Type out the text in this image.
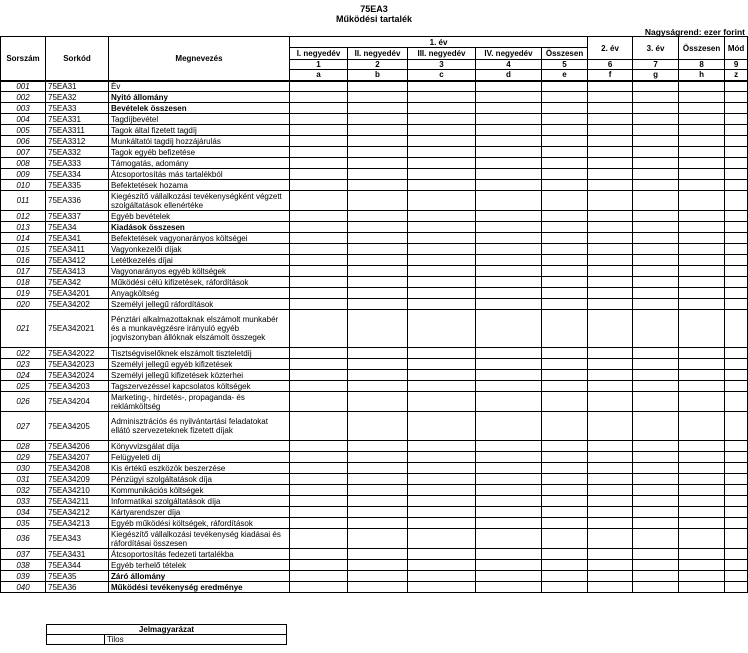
75EA3
Működési tartalék
Nagyságrend: ezer forint
Sorszám	Sorkód	Megnevezés	1. év					2. év	3. év	Összesen	Mód
			I. negyedév	II. negyedév	III. negyedév	IV. negyedév	Összesen				
			1	2	3	4	5	6	7	8	9
			a	b	c	d	e	f	g	h	z
001	75EA31	Év									
002	75EA32	Nyitó állomány									
003	75EA33	Bevételek összesen									
004	75EA331	Tagdíjbevétel									
005	75EA3311	Tagok által fizetett tagdíj									
006	75EA3312	Munkáltatói tagdíj hozzájárulás									
007	75EA332	Tagok egyéb befizetése									
008	75EA333	Támogatás, adomány									
009	75EA334	Átcsoportosítás más tartalékból									
010	75EA335	Befektetések hozama									
011	75EA336	Kiegészítő vállalkozási tevékenységként végzett szolgáltatások ellenértéke									
012	75EA337	Egyéb bevételek									
013	75EA34	Kiadások összesen									
014	75EA341	Befektetések vagyonarányos költségei									
015	75EA3411	Vagyonkezelői díjak									
016	75EA3412	Letétkezelés díjai									
017	75EA3413	Vagyonarányos egyéb költségek									
018	75EA342	Működési célú kifizetések, ráfordítások									
019	75EA34201	Anyagköltség									
020	75EA34202	Személyi jellegű ráfordítások									
021	75EA342021	Pénztári alkalmazottaknak elszámolt munkabér és a munkavégzésre irányuló egyéb jogviszonyban állóknak elszámolt összegek									
022	75EA342022	Tisztségviselőknek elszámolt tiszteletdíj									
023	75EA342023	Személyi jellegű egyéb kifizetések									
024	75EA342024	Személyi jellegű kifizetések közterhei									
025	75EA34203	Tagszervezéssel kapcsolatos költségek									
026	75EA34204	Marketing-, hirdetés-, propaganda- és reklámköltség									
027	75EA34205	Adminisztrációs és nyilvántartási feladatokat ellátó szervezeteknek fizetett díjak									
028	75EA34206	Könyvvizsgálat díja									
029	75EA34207	Felügyeleti díj									
030	75EA34208	Kis értékű eszközök beszerzése									
031	75EA34209	Pénzügyi szolgáltatások díja									
032	75EA34210	Kommunikációs költségek									
033	75EA34211	Informatikai szolgáltatások díja									
034	75EA34212	Kártyarendszer díja									
035	75EA34213	Egyéb működési költségek, ráfordítások									
036	75EA343	Kiegészítő vállalkozási tevékenység kiadásai és ráfordításai összesen									
037	75EA3431	Átcsoportosítás fedezeti tartalékba									
038	75EA344	Egyéb terhelő tételek									
039	75EA35	Záró állomány									
040	75EA36	Működési tevékenység eredménye									
Jelmagyarázat
	Tilos
